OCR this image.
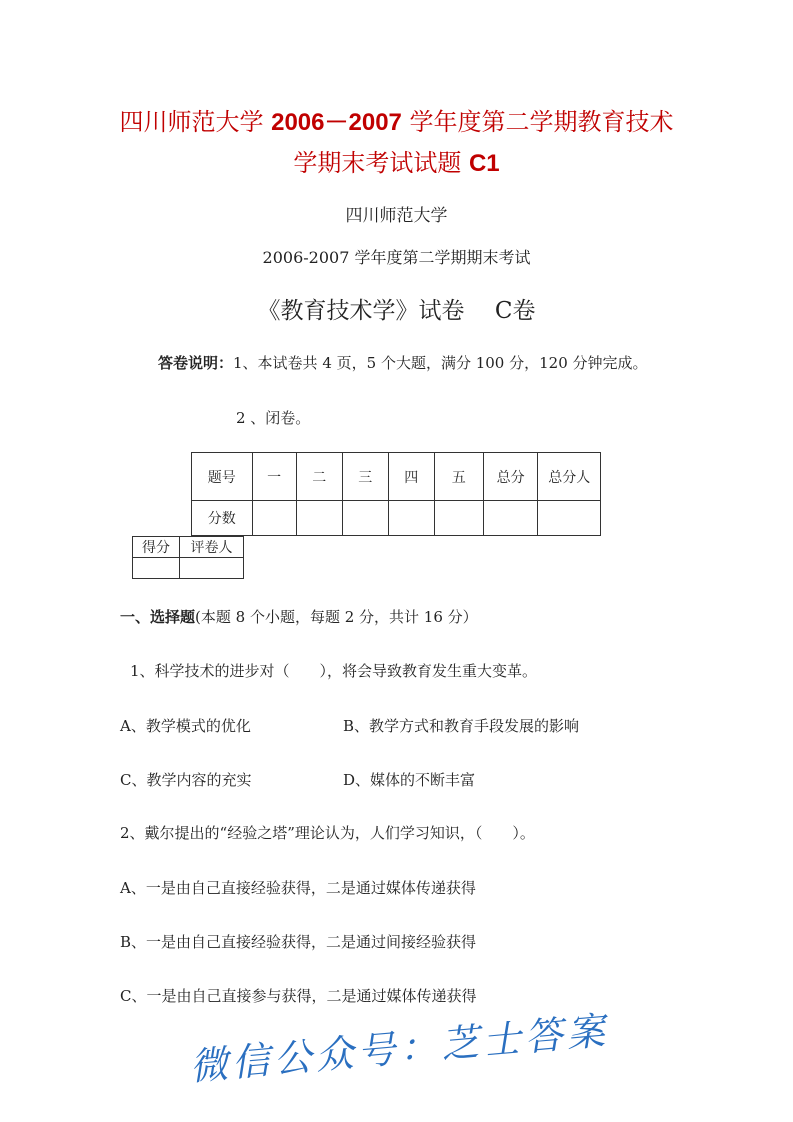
四川师范大学 2006－2007 学年度第二学期教育技术
学期末考试试题 C1
四川师范大学
2006-2007 学年度第二学期期末考试
《教育技术学》试卷　 C卷
答卷说明：1、本试卷共 4 页，5 个大题，满分 100 分，120 分钟完成。
2 、闭卷。
题号	一	二	三	四	五	总分	总分人
分数							
得分	评卷人

一、选择题(本题 8 个小题，每题 2 分，共计 16 分）
1、科学技术的进步对（　　），将会导致教育发生重大变革。
A、教学模式的优化	B、教学方式和教育手段发展的影响
C、教学内容的充实	D、媒体的不断丰富
2、戴尔提出的“经验之塔”理论认为，人们学习知识，（　　）。
A、一是由自己直接经验获得，二是通过媒体传递获得
B、一是由自己直接经验获得，二是通过间接经验获得
C、一是由自己直接参与获得，二是通过媒体传递获得
微信公众号：芝士答案
